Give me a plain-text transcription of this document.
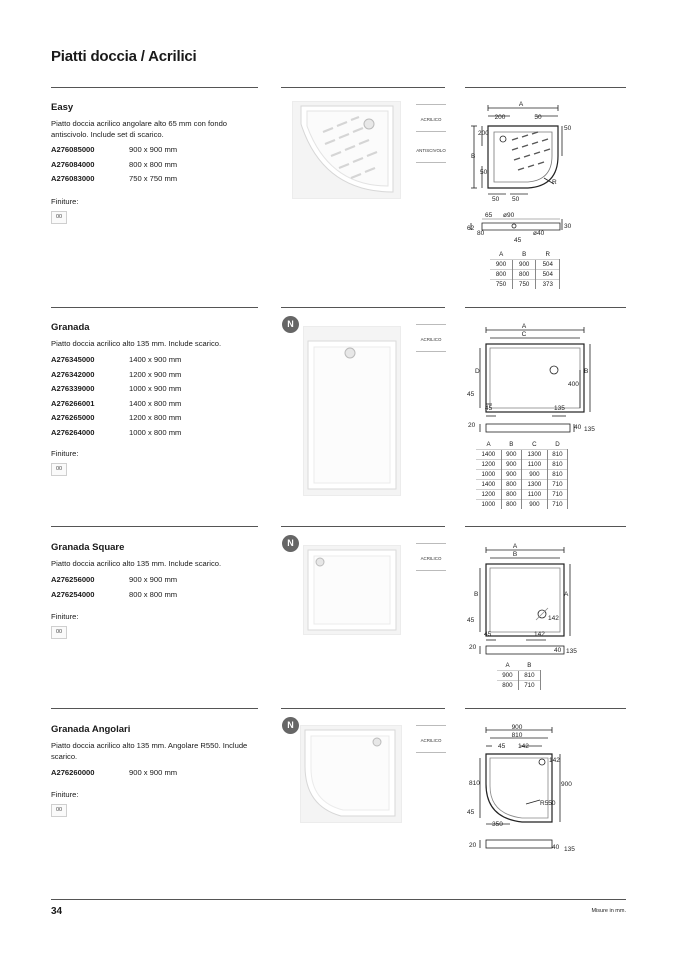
Piatti doccia / Acrilici
Easy
Piatto doccia acrilico angolare alto 65 mm con fondo antiscivolo. Include set di scarico.
A276085000	900 x 900 mm
A276084000	800 x 800 mm
A276083000	750 x 750 mm
Finiture:
00
ACRILICO
ANTISCIVOLO
A
200	50
50
200
B
50
50 50
R
65 ø90
62
80	ø40
45
30
A	B	R
900	900	504
800	800	504
750	750	373
Granada
Piatto doccia acrilico alto 135 mm. Include scarico.
A276345000	1400 x 900 mm
A276342000	1200 x 900 mm
A276339000	1000 x 900 mm
A276266001	1400 x 800 mm
A276265000	1200 x 800 mm
A276264000	1000 x 800 mm
Finiture:
00
N
ACRILICO
A
C
D	B
400
45
45	135
20	40 135
A	B	C	D
1400	900	1300	810
1200	900	1100	810
1000	900	900	810
1400	800	1300	710
1200	800	1100	710
1000	800	900	710
Granada Square
Piatto doccia acrilico alto 135 mm. Include scarico.
A276256000	900 x 900 mm
A276254000	800 x 800 mm
Finiture:
00
N
ACRILICO
A
B
B	A
45	142
45	142
20	40 135
A	B
900	810
800	710
Granada Angolari
Piatto doccia acrilico alto 135 mm. Angolare R550. Include scarico.
A276260000	900 x 900 mm
Finiture:
00
N
ACRILICO
900
810
45 142
142
810	900
R550
45
350
20	40 135
34	Misure in mm.
